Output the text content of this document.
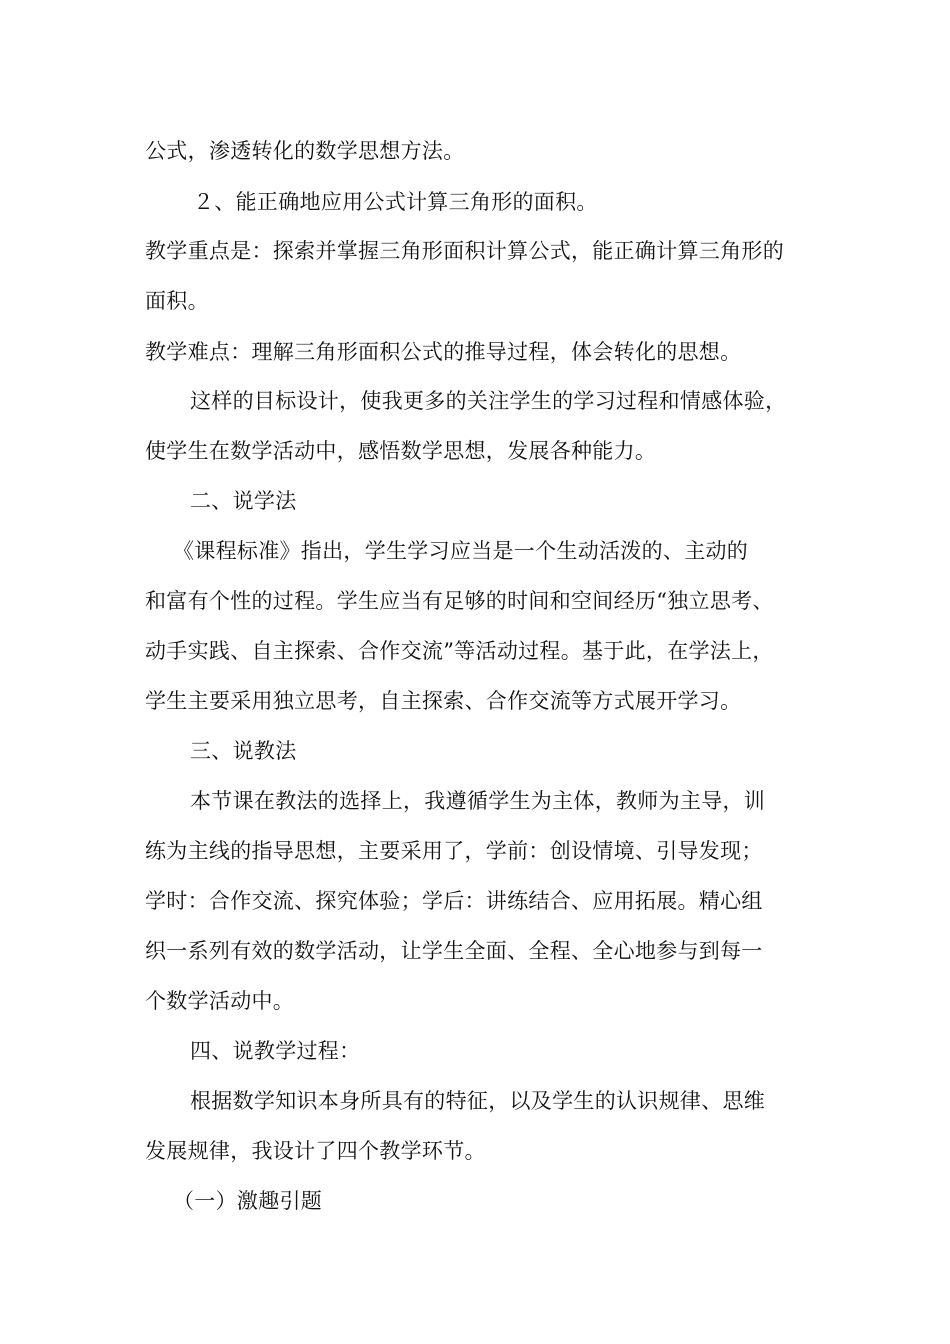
公式，渗透转化的数学思想方法。
２、能正确地应用公式计算三角形的面积。
教学重点是：探索并掌握三角形面积计算公式，能正确计算三角形的
面积。
教学难点：理解三角形面积公式的推导过程，体会转化的思想。
这样的目标设计，使我更多的关注学生的学习过程和情感体验，
使学生在数学活动中，感悟数学思想，发展各种能力。
二、说学法
《课程标准》指出，学生学习应当是一个生动活泼的、主动的
和富有个性的过程。学生应当有足够的时间和空间经历“独立思考、
动手实践、自主探索、合作交流”等活动过程。基于此，在学法上，
学生主要采用独立思考，自主探索、合作交流等方式展开学习。
三、说教法
本节课在教法的选择上，我遵循学生为主体，教师为主导，训
练为主线的指导思想，主要采用了，学前：创设情境、引导发现；
学时：合作交流、探究体验；学后：讲练结合、应用拓展。精心组
织一系列有效的数学活动，让学生全面、全程、全心地参与到每一
个数学活动中。
四、说教学过程：
根据数学知识本身所具有的特征，以及学生的认识规律、思维
发展规律，我设计了四个教学环节。
（一）激趣引题
